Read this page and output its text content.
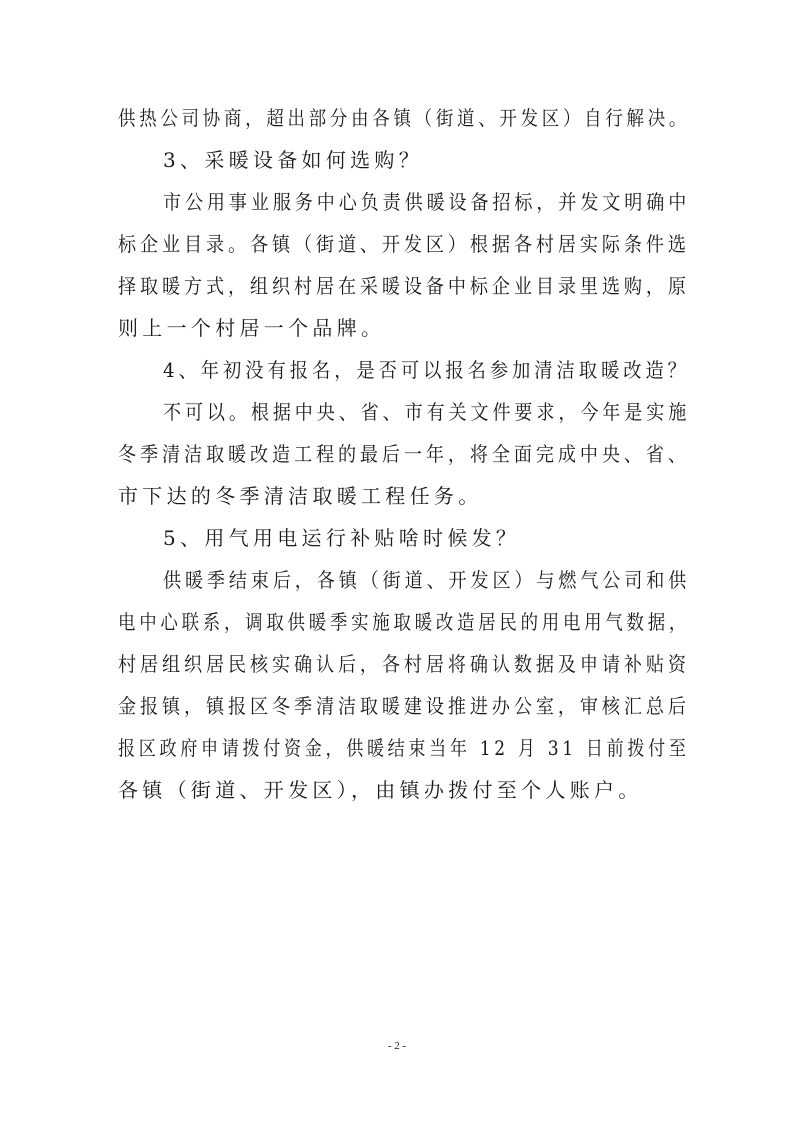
供热公司协商，超出部分由各镇（街道、开发区）自行解决。
3、采暖设备如何选购？
市公用事业服务中心负责供暖设备招标，并发文明确中
标企业目录。各镇（街道、开发区）根据各村居实际条件选
择取暖方式，组织村居在采暖设备中标企业目录里选购，原
则上一个村居一个品牌。
4、年初没有报名，是否可以报名参加清洁取暖改造？
不可以。根据中央、省、市有关文件要求，今年是实施
冬季清洁取暖改造工程的最后一年，将全面完成中央、省、
市下达的冬季清洁取暖工程任务。
5、用气用电运行补贴啥时候发？
供暖季结束后，各镇（街道、开发区）与燃气公司和供
电中心联系，调取供暖季实施取暖改造居民的用电用气数据，
村居组织居民核实确认后，各村居将确认数据及申请补贴资
金报镇，镇报区冬季清洁取暖建设推进办公室，审核汇总后
报区政府申请拨付资金，供暖结束当年 12 月 31 日前拨付至
各镇（街道、开发区），由镇办拨付至个人账户。
- 2 -
